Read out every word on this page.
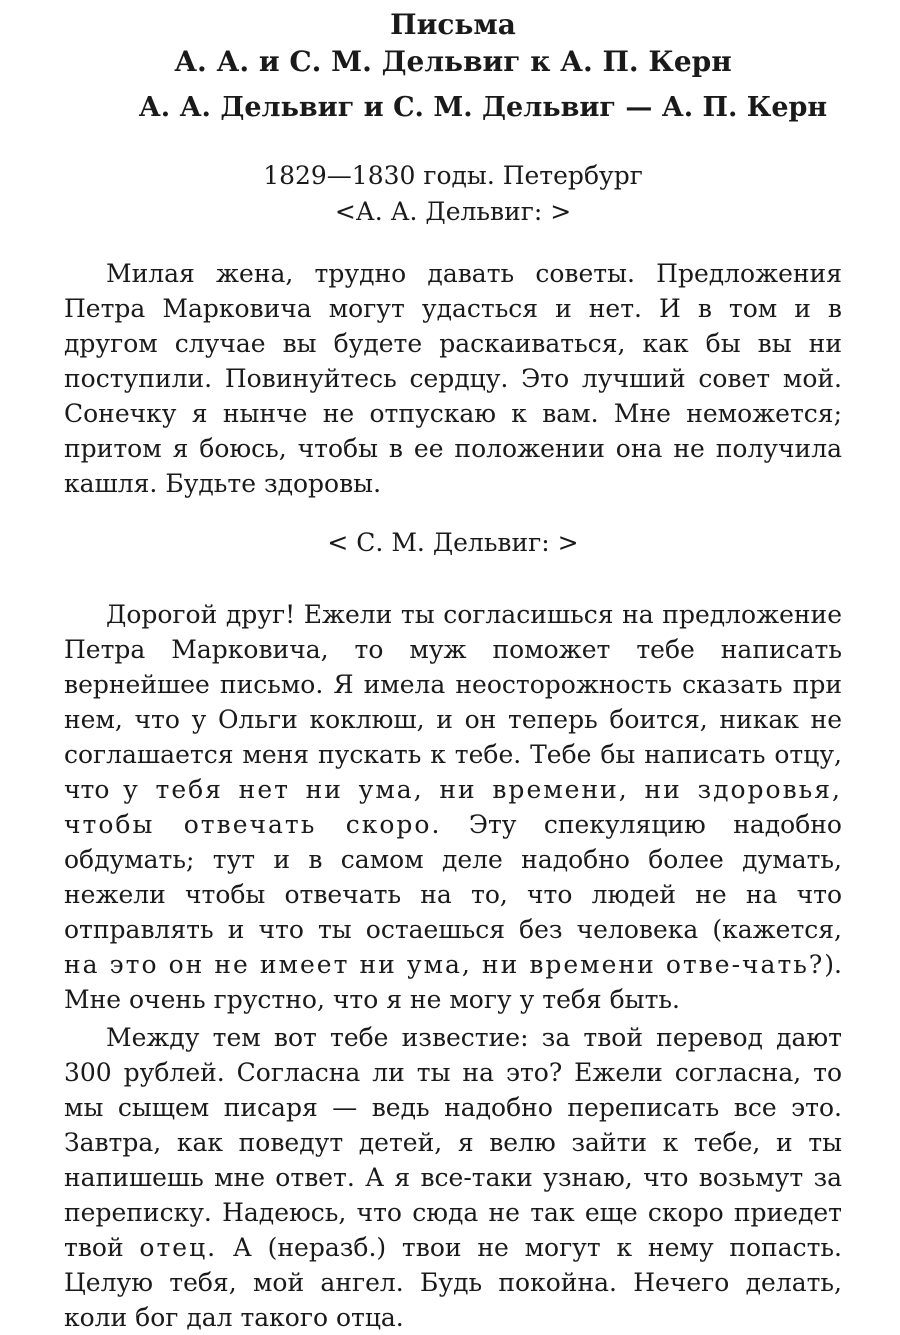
Письма

А. А. и С. М. Дельвиг к А. П. Керн

А. А. Дельвиг и С. М. Дельвиг — А. П. Керн

1829—1830 годы. Петербург

<А. А. Дельвиг: >

Милая жена, трудно давать советы. Предложения Петра Марковича могут удасться и нет. И в том и в другом случае вы будете раскаиваться, как бы вы ни поступили. Повинуйтесь сердцу. Это лучший совет мой. Сонечку я нынче не отпускаю к вам. Мне неможется; притом я боюсь, чтобы в ее положении она не получила кашля. Будьте здоровы.

< С. М. Дельвиг: >

Дорогой друг! Ежели ты согласишься на предложение Петра Марковича, то муж поможет тебе написать вернейшее письмо. Я имела неосторожность сказать при нем, что у Ольги коклюш, и он теперь боится, никак не соглашается меня пускать к тебе. Тебе бы написать отцу, что у тебя нет ни ума, ни времени, ни здоровья, чтобы отвечать скоро. Эту спекуляцию надобно обдумать; тут и в самом деле надобно более думать, нежели чтобы отвечать на то, что людей не на что отправлять и что ты остаешься без человека (кажется, на это он не имеет ни ума, ни времени отве-чать?). Мне очень грустно, что я не могу у тебя быть.

Между тем вот тебе известие: за твой перевод дают 300 рублей. Согласна ли ты на это? Ежели согласна, то мы сыщем писаря — ведь надобно переписать все это. Завтра, как поведут детей, я велю зайти к тебе, и ты напишешь мне ответ. А я все-таки узнаю, что возьмут за переписку. Надеюсь, что сюда не так еще скоро приедет твой отец. А (неразб.) твои не могут к нему попасть. Целую тебя, мой ангел. Будь покойна. Нечего делать, коли бог дал такого отца.
